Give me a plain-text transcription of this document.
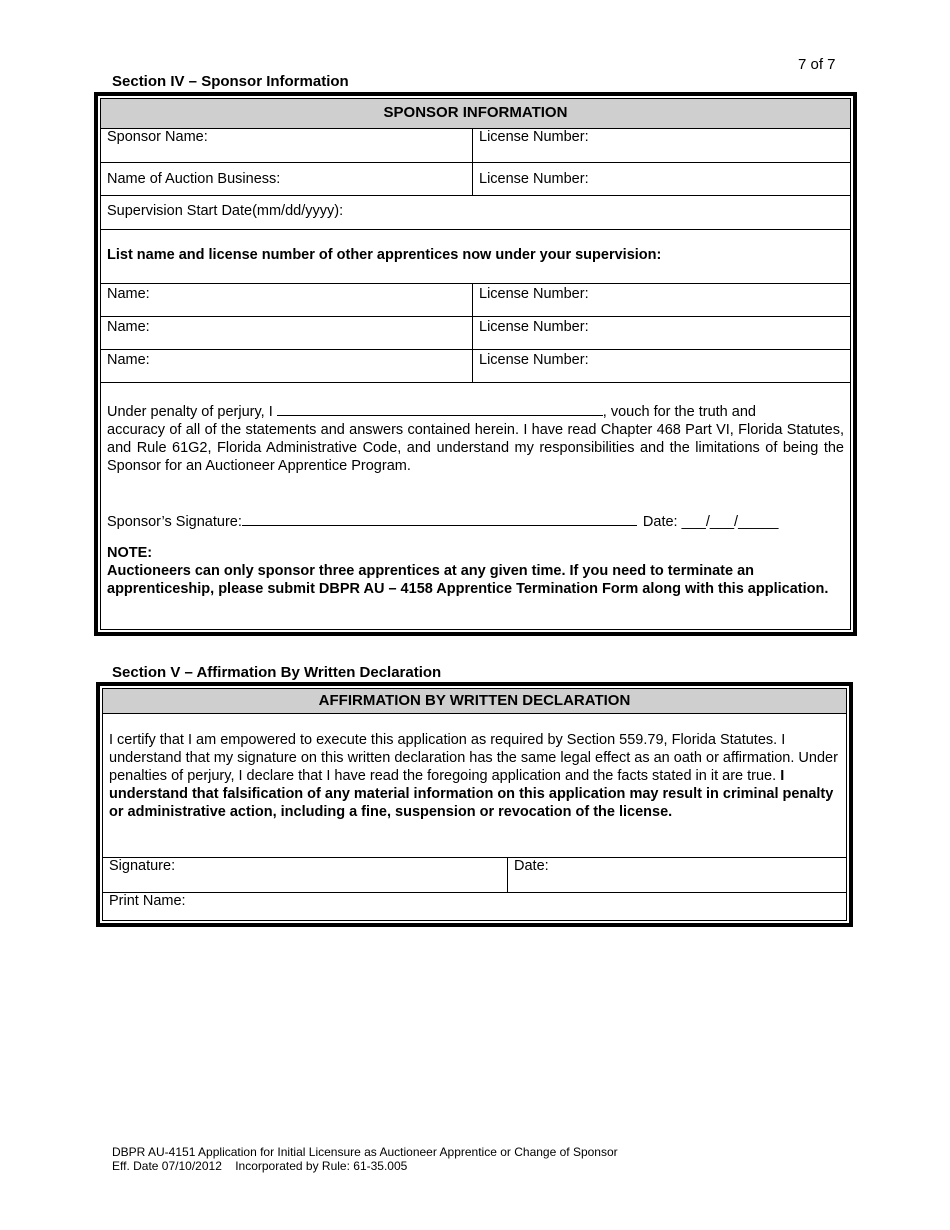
7 of 7
Section IV – Sponsor Information
SPONSOR INFORMATION
Sponsor Name:	License Number:
Name of Auction Business:	License Number:
Supervision Start Date(mm/dd/yyyy):
List name and license number of other apprentices now under your supervision:
Name:	License Number:
Name:	License Number:
Name:	License Number:
Under penalty of perjury, I	, vouch for the truth and
accuracy of all of the statements and answers contained herein. I have read Chapter 468 Part VI, Florida Statutes, and Rule 61G2, Florida Administrative Code, and understand my responsibilities and the limitations of being the Sponsor for an Auctioneer Apprentice Program.
Sponsor’s Signature:	Date: ___/___/_____
NOTE:
Auctioneers can only sponsor three apprentices at any given time. If you need to terminate an apprenticeship, please submit DBPR AU – 4158 Apprentice Termination Form along with this application.
Section V – Affirmation By Written Declaration
AFFIRMATION BY WRITTEN DECLARATION
I certify that I am empowered to execute this application as required by Section 559.79, Florida Statutes. I understand that my signature on this written declaration has the same legal effect as an oath or affirmation. Under penalties of perjury, I declare that I have read the foregoing application and the facts stated in it are true. I understand that falsification of any material information on this application may result in criminal penalty or administrative action, including a fine, suspension or revocation of the license.
Signature:	Date:
Print Name:
DBPR AU-4151 Application for Initial Licensure as Auctioneer Apprentice or Change of Sponsor
Eff. Date 07/10/2012    Incorporated by Rule: 61-35.005
